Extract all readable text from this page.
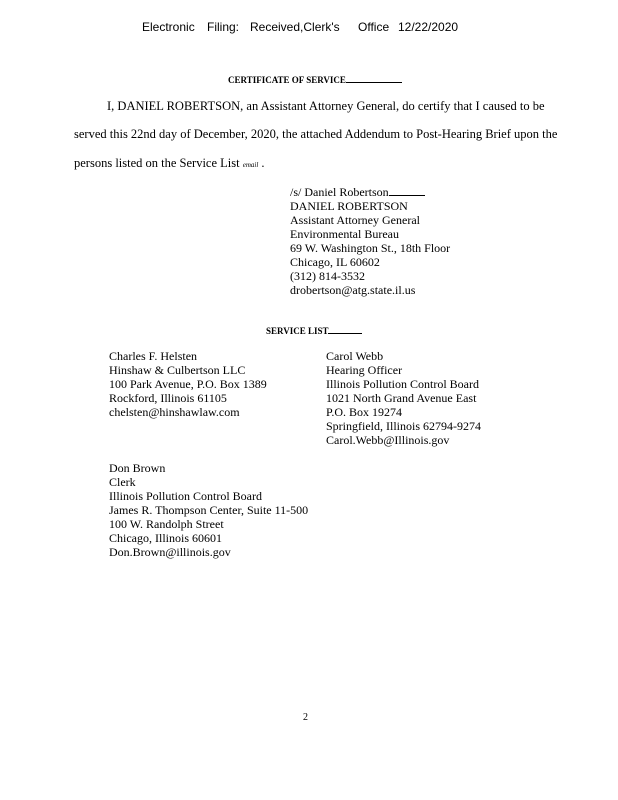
Electronic Filing: Received,Clerk's Office 12/22/2020
CERTIFICATE OF SERVICE
I, DANIEL ROBERTSON, an Assistant Attorney General, do certify that I caused to be
served this 22nd day of December, 2020, the attached Addendum to Post-Hearing Brief upon the
persons listed on the Service List email .
/s/ Daniel Robertson
DANIEL ROBERTSON
Assistant Attorney General
Environmental Bureau
69 W. Washington St., 18th Floor
Chicago, IL 60602
(312) 814-3532
drobertson@atg.state.il.us
SERVICE LIST
Charles F. Helsten
Hinshaw & Culbertson LLC
100 Park Avenue, P.O. Box 1389
Rockford, Illinois 61105
chelsten@hinshawlaw.com
Carol Webb
Hearing Officer
Illinois Pollution Control Board
1021 North Grand Avenue East
P.O. Box 19274
Springfield, Illinois 62794-9274
Carol.Webb@Illinois.gov
Don Brown
Clerk
Illinois Pollution Control Board
James R. Thompson Center, Suite 11-500
100 W. Randolph Street
Chicago, Illinois 60601
Don.Brown@illinois.gov
2
